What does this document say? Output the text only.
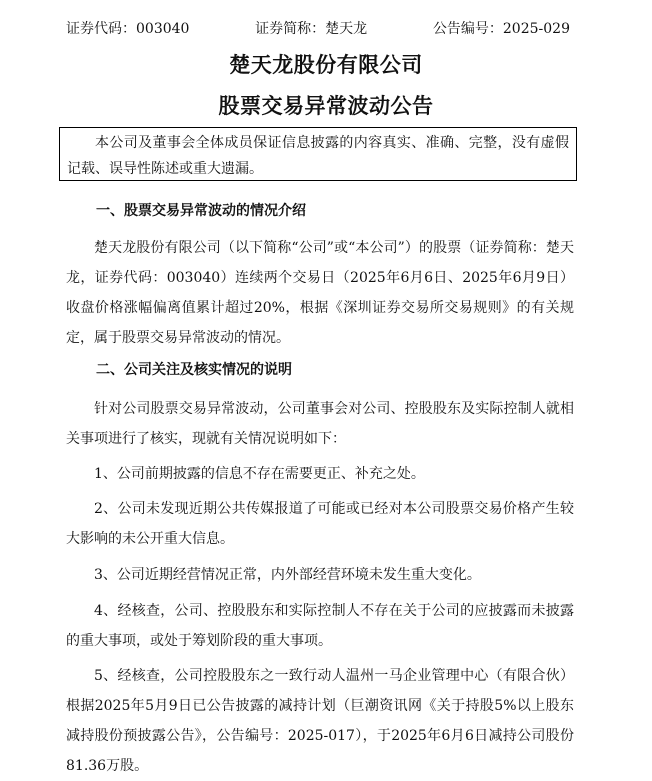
证券代码：003040	证券简称：楚天龙	公告编号：2025-029
楚天龙股份有限公司
股票交易异常波动公告
本公司及董事会全体成员保证信息披露的内容真实、准确、完整，没有虚假记载、误导性陈述或重大遗漏。
一、股票交易异常波动的情况介绍
楚天龙股份有限公司（以下简称“公司”或“本公司”）的股票（证券简称：楚天龙，证券代码：003040）连续两个交易日（2025年6月6日、2025年6月9日）收盘价格涨幅偏离值累计超过20%，根据《深圳证券交易所交易规则》的有关规定，属于股票交易异常波动的情况。
二、公司关注及核实情况的说明
针对公司股票交易异常波动，公司董事会对公司、控股股东及实际控制人就相关事项进行了核实，现就有关情况说明如下：
1、公司前期披露的信息不存在需要更正、补充之处。
2、公司未发现近期公共传媒报道了可能或已经对本公司股票交易价格产生较大影响的未公开重大信息。
3、公司近期经营情况正常，内外部经营环境未发生重大变化。
4、经核查，公司、控股股东和实际控制人不存在关于公司的应披露而未披露的重大事项，或处于筹划阶段的重大事项。
5、经核查，公司控股股东之一致行动人温州一马企业管理中心（有限合伙）根据2025年5月9日已公告披露的减持计划（巨潮资讯网《关于持股5%以上股东减持股份预披露公告》，公告编号：2025-017），于2025年6月6日减持公司股份81.36万股。
